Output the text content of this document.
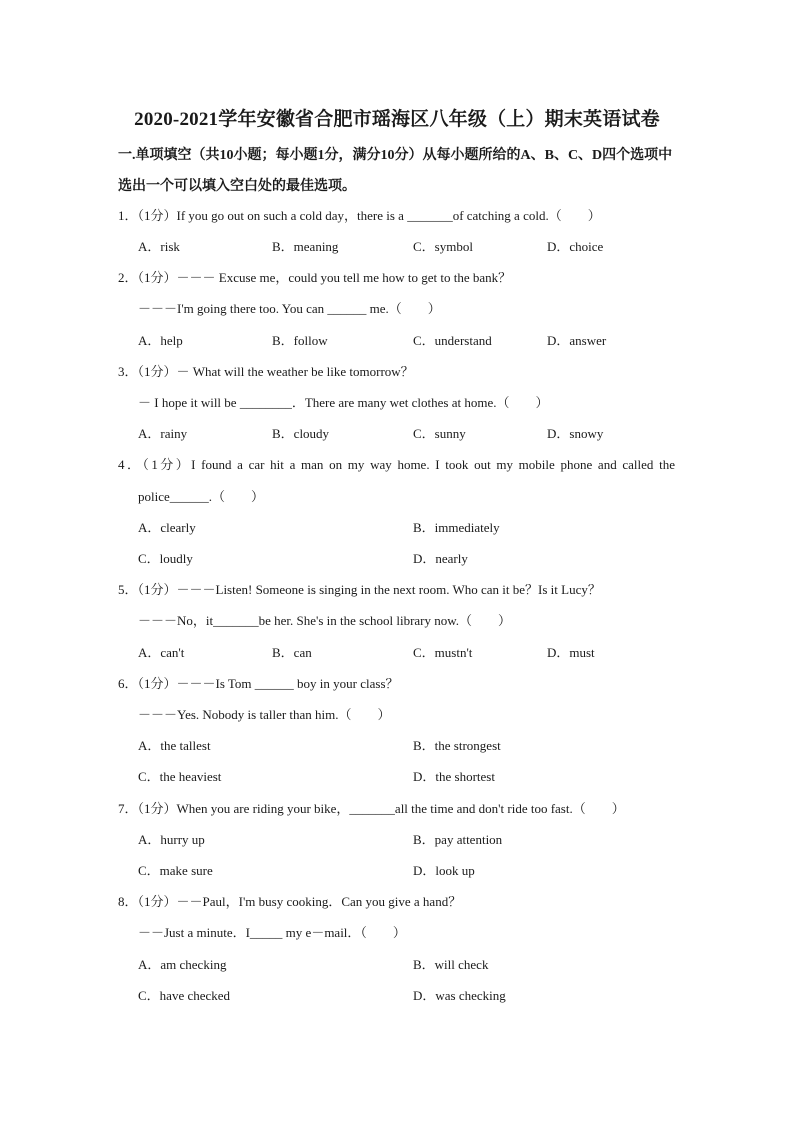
2020-2021学年安徽省合肥市瑶海区八年级（上）期末英语试卷
一.单项填空（共10小题；每小题1分，满分10分）从每小题所给的A、B、C、D四个选项中选出一个可以填入空白处的最佳选项。
1．（1分）If you go out on such a cold day，there is a _______of catching a cold.（　　）
A．risk	B．meaning	C．symbol	D．choice
2．（1分）－－－ Excuse me，could you tell me how to get to the bank？
－－－I'm going there too. You can ______ me.（　　）
A．help	B．follow	C．understand	D．answer
3．（1分）－ What will the weather be like tomorrow？
－ I hope it will be ________．There are many wet clothes at home.（　　）
A．rainy	B．cloudy	C．sunny	D．snowy
4．（1分）I found a car hit a man on my way home. I took out my mobile phone and called the
police______.（　　）
A．clearly	B．immediately
C．loudly	D．nearly
5．（1分）－－－Listen! Someone is singing in the next room. Who can it be？Is it Lucy？
－－－No，it_______be her. She's in the school library now.（　　）
A．can't	B．can	C．mustn't	D．must
6．（1分）－－－Is Tom ______ boy in your class？
－－－Yes. Nobody is taller than him.（　　）
A．the tallest	B．the strongest
C．the heaviest	D．the shortest
7．（1分）When you are riding your bike，_______all the time and don't ride too fast.（　　）
A．hurry up	B．pay attention
C．make sure	D．look up
8．（1分）－－Paul，I'm busy cooking．Can you give a hand？
－－Just a minute．I_____ my e－mail．（　　）
A．am checking	B．will check
C．have checked	D．was checking
